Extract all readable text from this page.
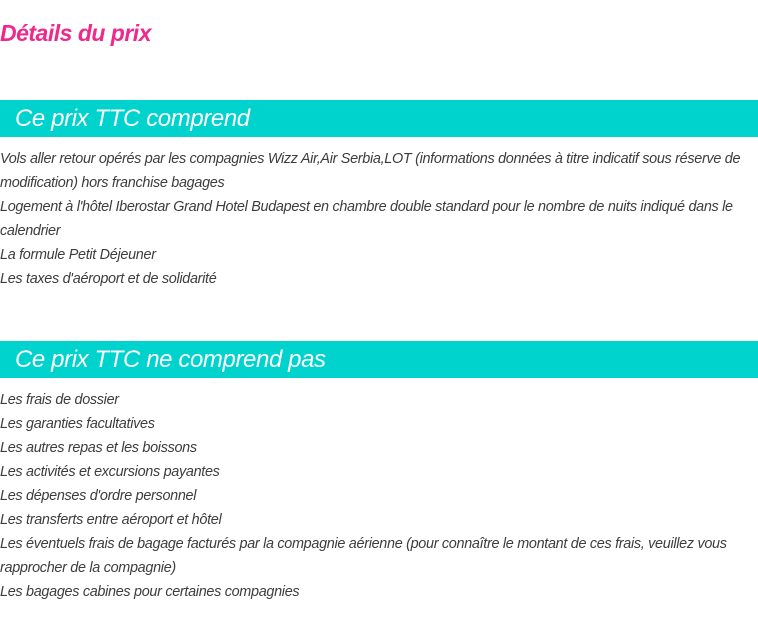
Détails du prix
Ce prix TTC comprend
Vols aller retour opérés par les compagnies Wizz Air,Air Serbia,LOT (informations données à titre indicatif sous réserve de modification) hors franchise bagages
Logement à l'hôtel Iberostar Grand Hotel Budapest en chambre double standard pour le nombre de nuits indiqué dans le calendrier
La formule Petit Déjeuner
Les taxes d'aéroport et de solidarité
Ce prix TTC ne comprend pas
Les frais de dossier
Les garanties facultatives
Les autres repas et les boissons
Les activités et excursions payantes
Les dépenses d'ordre personnel
Les transferts entre aéroport et hôtel
Les éventuels frais de bagage facturés par la compagnie aérienne (pour connaître le montant de ces frais, veuillez vous rapprocher de la compagnie)
Les bagages cabines pour certaines compagnies
